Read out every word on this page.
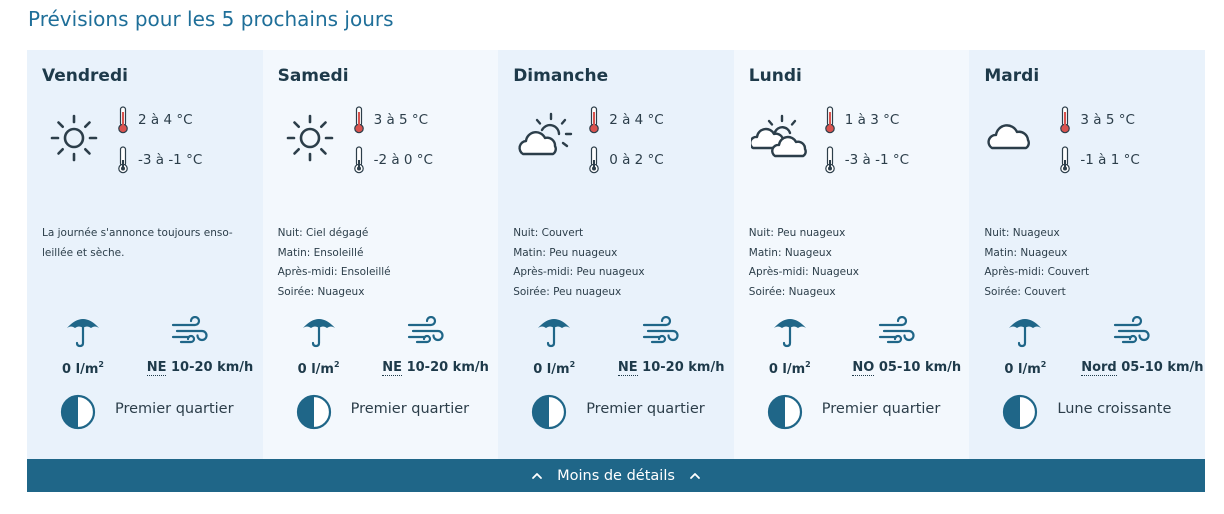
Prévisions pour les 5 prochains jours
Vendredi
2 à 4 °C
-3 à -1 °C
La journée s'annonce toujours enso-
leillée et sèche.
0 $l/m^2$	NE 10-20 km/h
Premier quartier
Samedi
3 à 5 °C
-2 à 0 °C
Nuit: Ciel dégagé
Matin: Ensoleillé
Après-midi: Ensoleillé
Soirée: Nuageux
0 $l/m^2$	NE 10-20 km/h
Premier quartier
Dimanche
2 à 4 °C
0 à 2 °C
Nuit: Couvert
Matin: Peu nuageux
Après-midi: Peu nuageux
Soirée: Peu nuageux
0 $l/m^2$	NE 10-20 km/h
Premier quartier
Lundi
1 à 3 °C
-3 à -1 °C
Nuit: Peu nuageux
Matin: Nuageux
Après-midi: Nuageux
Soirée: Nuageux
0 $l/m^2$	NO 05-10 km/h
Premier quartier
Mardi
3 à 5 °C
-1 à 1 °C
Nuit: Nuageux
Matin: Nuageux
Après-midi: Couvert
Soirée: Couvert
0 $l/m^2$	Nord 05-10 km/h
Lune croissante
Moins de détails
